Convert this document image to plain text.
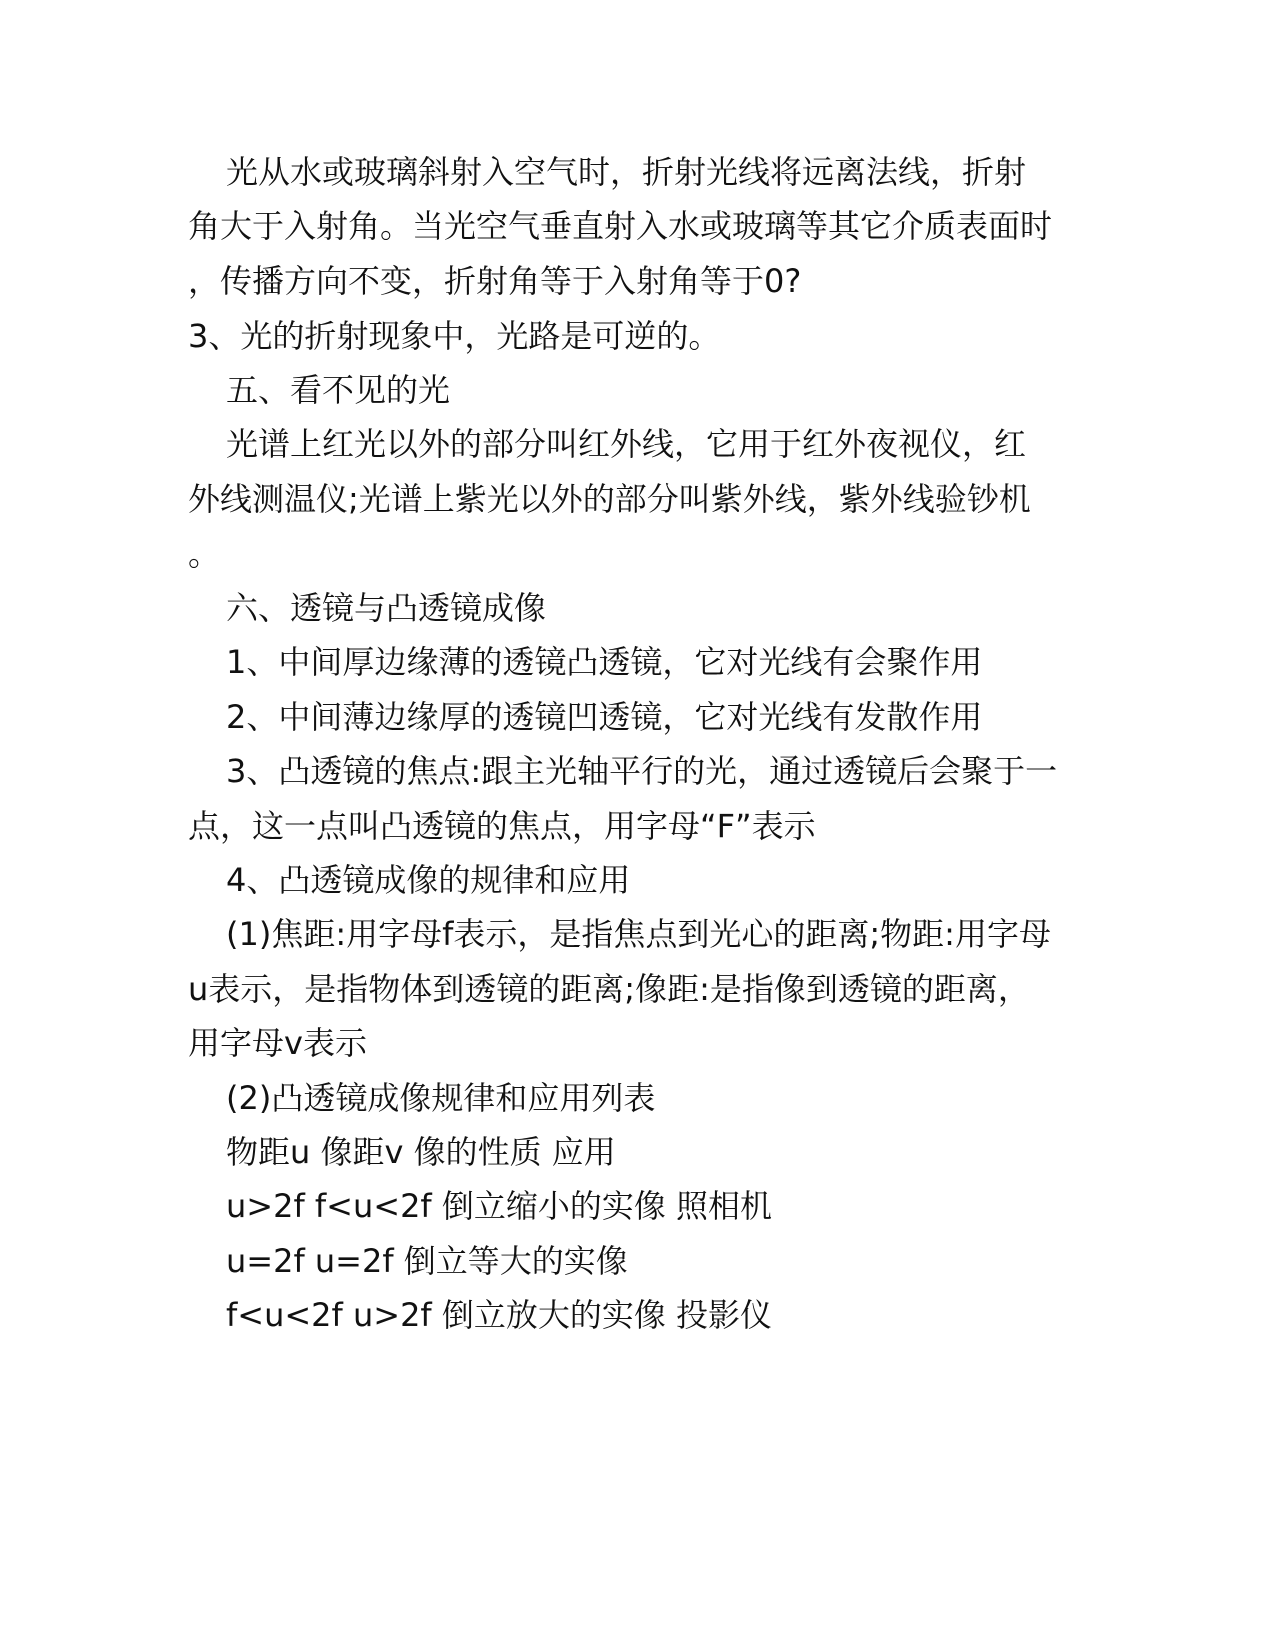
光从水或玻璃斜射入空气时，折射光线将远离法线，折射

角大于入射角。当光空气垂直射入水或玻璃等其它介质表面时

，传播方向不变，折射角等于入射角等于0?

3、光的折射现象中，光路是可逆的。

五、看不见的光

光谱上红光以外的部分叫红外线，它用于红外夜视仪，红

外线测温仪;光谱上紫光以外的部分叫紫外线，紫外线验钞机

。

六、透镜与凸透镜成像

1、中间厚边缘薄的透镜凸透镜，它对光线有会聚作用

2、中间薄边缘厚的透镜凹透镜，它对光线有发散作用

3、凸透镜的焦点:跟主光轴平行的光，通过透镜后会聚于一

点，这一点叫凸透镜的焦点，用字母“F”表示

4、凸透镜成像的规律和应用

(1)焦距:用字母f表示，是指焦点到光心的距离;物距:用字母

u表示，是指物体到透镜的距离;像距:是指像到透镜的距离，

用字母v表示

(2)凸透镜成像规律和应用列表

物距u 像距v 像的性质 应用

u>2f f<u<2f 倒立缩小的实像 照相机

u=2f u=2f 倒立等大的实像

f<u<2f u>2f 倒立放大的实像 投影仪
